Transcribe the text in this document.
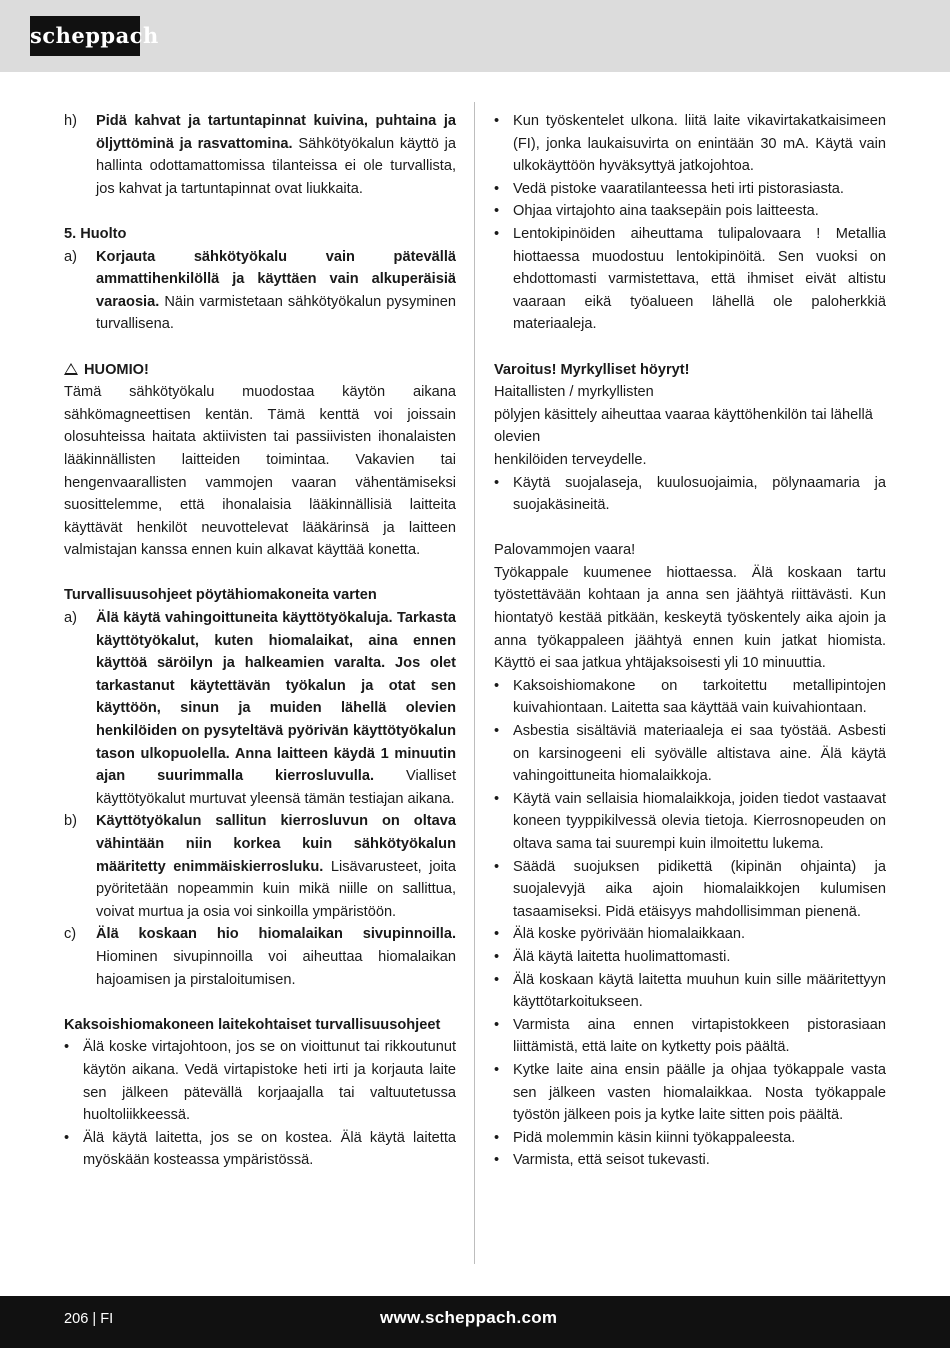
scheppach
h)	Pidä kahvat ja tartuntapinnat kuivina, puhtaina ja öljyttöminä ja rasvattomina. Sähkötyökalun käyttö ja hallinta odottamattomissa tilanteissa ei ole turvallista, jos kahvat ja tartuntapinnat ovat liukkaita.

5. Huolto

a)	Korjauta sähkötyökalu vain pätevällä ammattihenkilöllä ja käyttäen vain alkuperäisiä varaosia. Näin varmistetaan sähkötyökalun pysyminen turvallisena.

HUOMIO!

Tämä sähkötyökalu muodostaa käytön aikana sähkömagneettisen kentän. Tämä kenttä voi joissain olosuhteissa haitata aktiivisten tai passiivisten ihonalaisten lääkinnällisten laitteiden toimintaa. Vakavien tai hengenvaarallisten vammojen vaaran vähentämiseksi suosittelemme, että ihonalaisia lääkinnällisiä laitteita käyttävät henkilöt neuvottelevat lääkärinsä ja laitteen valmistajan kanssa ennen kuin alkavat käyttää konetta.

Turvallisuusohjeet pöytähiomakoneita varten

a)	Älä käytä vahingoittuneita käyttötyökaluja. Tarkasta käyttötyökalut, kuten hiomalaikat, aina ennen käyttöä säröilyn ja halkeamien varalta. Jos olet tarkastanut käytettävän työkalun ja otat sen käyttöön, sinun ja muiden lähellä olevien henkilöiden on pysyteltävä pyörivän käyttötyökalun tason ulkopuolella. Anna laitteen käydä 1 minuutin ajan suurimmalla kierrosluvulla. Vialliset käyttötyökalut murtuvat yleensä tämän testiajan aikana.
b)	Käyttötyökalun sallitun kierrosluvun on oltava vähintään niin korkea kuin sähkötyökalun määritetty enimmäiskierrosluku. Lisävarusteet, joita pyöritetään nopeammin kuin mikä niille on sallittua, voivat murtua ja osia voi sinkoilla ympäristöön.
c)	Älä koskaan hio hiomalaikan sivupinnoilla. Hiominen sivupinnoilla voi aiheuttaa hiomalaikan hajoamisen ja pirstaloitumisen.

Kaksoishiomakoneen laitekohtaiset turvallisuusohjeet

• Älä koske virtajohtoon, jos se on vioittunut tai rikkoutunut käytön aikana. Vedä virtapistoke heti irti ja korjauta laite sen jälkeen pätevällä korjaajalla tai valtuutetussa huoltoliikkeessä.
• Älä käytä laitetta, jos se on kostea. Älä käytä laitetta myöskään kosteassa ympäristössä.
• Kun työskentelet ulkona. liitä laite vikavirtakatkaisimeen (FI), jonka laukaisuvirta on enintään 30 mA. Käytä vain ulkokäyttöön hyväksyttyä jatkojohtoa.
• Vedä pistoke vaaratilanteessa heti irti pistorasiasta.
• Ohjaa virtajohto aina taaksepäin pois laitteesta.
• Lentokipinöiden aiheuttama tulipalovaara ! Metallia hiottaessa muodostuu lentokipinöitä. Sen vuoksi on ehdottomasti varmistettava, että ihmiset eivät altistu vaaraan eikä työalueen lähellä ole paloherkkiä materiaaleja.

Varoitus! Myrkylliset höyryt!

Haitallisten / myrkyllisten

pölyjen käsittely aiheuttaa vaaraa käyttöhenkilön tai lähellä olevien

henkilöiden terveydelle.

• Käytä suojalaseja, kuulosuojaimia, pölynaamaria ja suojakäsineitä.

Palovammojen vaara!

Työkappale kuumenee hiottaessa. Älä koskaan tartu työstettävään kohtaan ja anna sen jäähtyä riittävästi. Kun hiontatyö kestää pitkään, keskeytä työskentely aika ajoin ja anna työkappaleen jäähtyä ennen kuin jatkat hiomista. Käyttö ei saa jatkua yhtäjaksoisesti yli 10 minuuttia.

• Kaksoishiomakone on tarkoitettu metallipintojen kuivahiontaan. Laitetta saa käyttää vain kuivahiontaan.
• Asbestia sisältäviä materiaaleja ei saa työstää. Asbesti on karsinogeeni eli syövälle altistava aine. Älä käytä vahingoittuneita hiomalaikkoja.
• Käytä vain sellaisia hiomalaikkoja, joiden tiedot vastaavat koneen tyyppikilvessä olevia tietoja. Kierrosnopeuden on oltava sama tai suurempi kuin ilmoitettu lukema.
• Säädä suojuksen pidikettä (kipinän ohjainta) ja suojalevyjä aika ajoin hiomalaikkojen kulumisen tasaamiseksi. Pidä etäisyys mahdollisimman pienenä.
• Älä koske pyörivään hiomalaikkaan.
• Älä käytä laitetta huolimattomasti.
• Älä koskaan käytä laitetta muuhun kuin sille määritettyyn käyttötarkoitukseen.
• Varmista aina ennen virtapistokkeen pistorasiaan liittämistä, että laite on kytketty pois päältä.
• Kytke laite aina ensin päälle ja ohjaa työkappale vasta sen jälkeen vasten hiomalaikkaa. Nosta työkappale työstön jälkeen pois ja kytke laite sitten pois päältä.
• Pidä molemmin käsin kiinni työkappaleesta.
• Varmista, että seisot tukevasti.
206 | FI	www.scheppach.com
